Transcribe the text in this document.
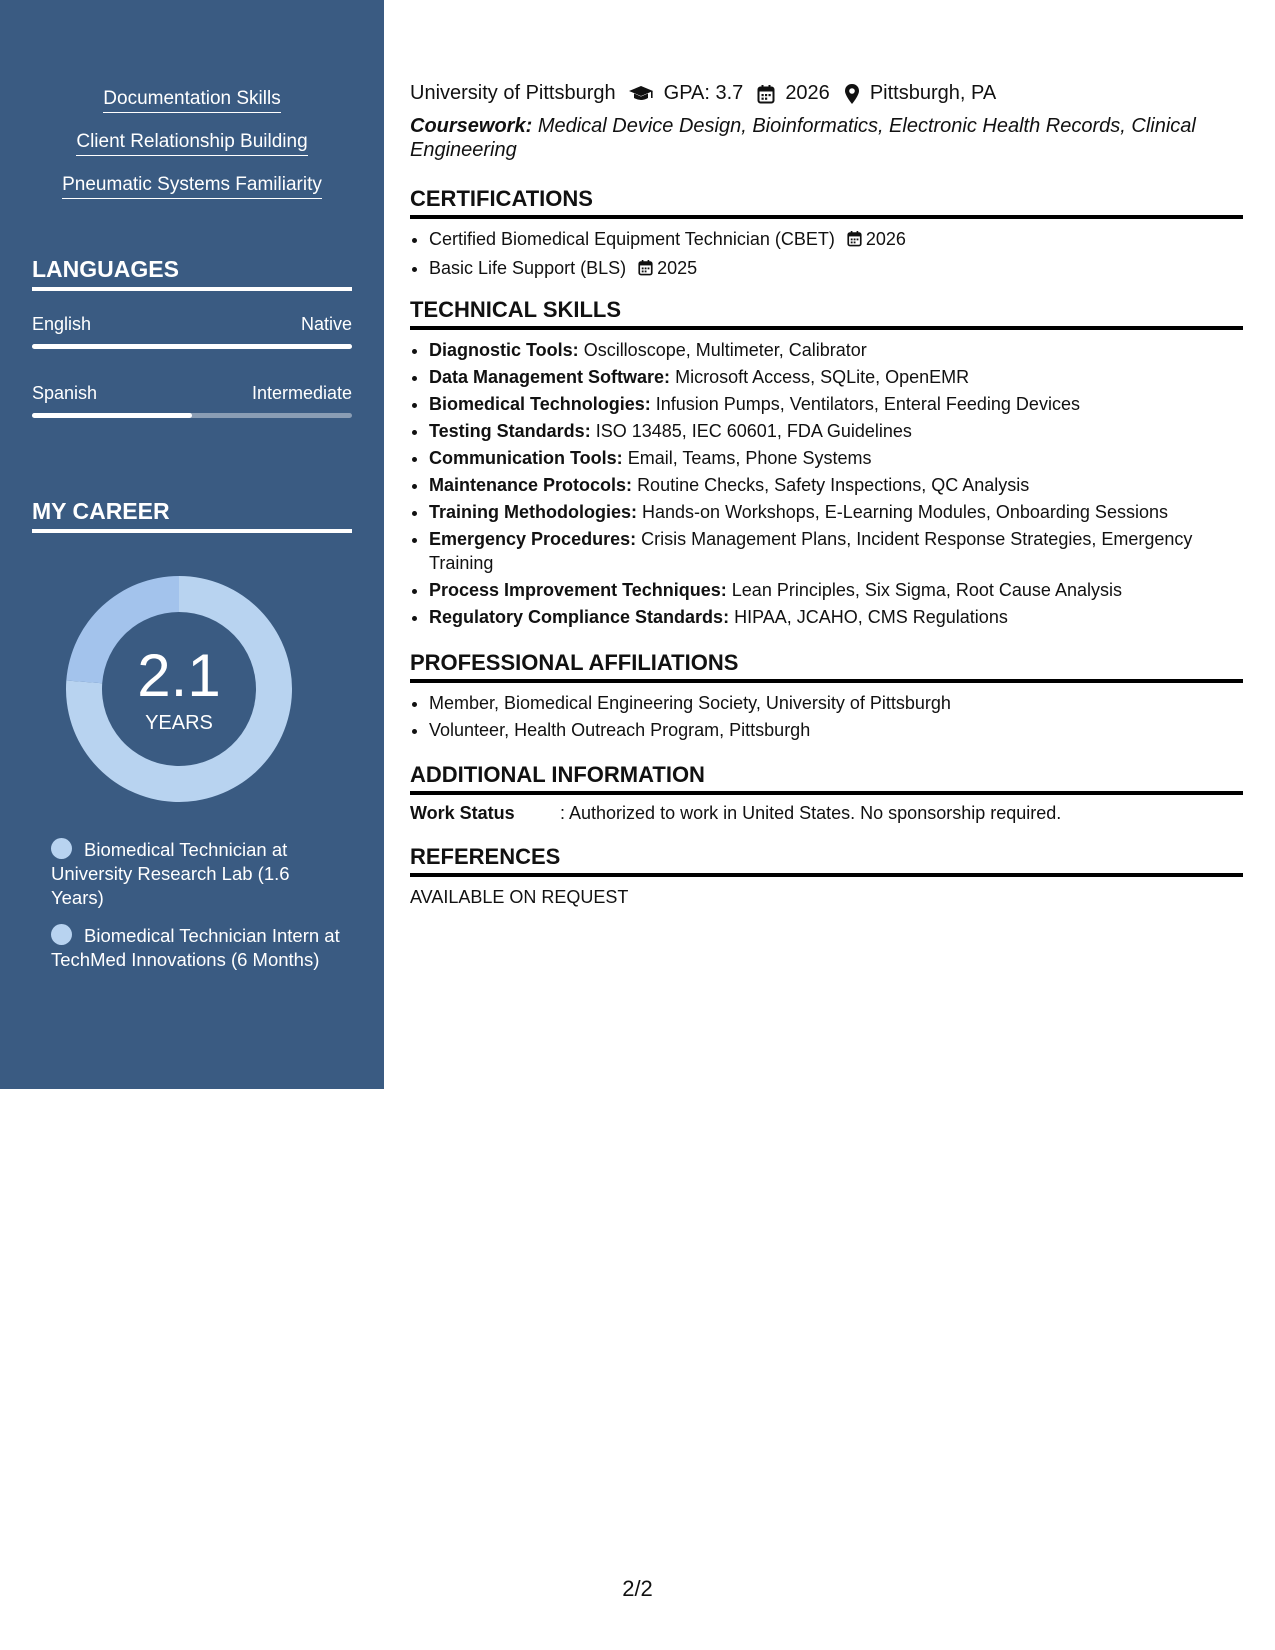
Documentation Skills
Client Relationship Building
Pneumatic Systems Familiarity
LANGUAGES
English	Native
Spanish	Intermediate
MY CAREER
2.1
YEARS
Biomedical Technician at University Research Lab (1.6 Years)
Biomedical Technician Intern at TechMed Innovations (6 Months)
University of Pittsburgh GPA: 3.7 2026 Pittsburgh, PA
Coursework: Medical Device Design, Bioinformatics, Electronic Health Records, Clinical Engineering
CERTIFICATIONS
• Certified Biomedical Equipment Technician (CBET) 2026
• Basic Life Support (BLS) 2025
TECHNICAL SKILLS
• Diagnostic Tools: Oscilloscope, Multimeter, Calibrator
• Data Management Software: Microsoft Access, SQLite, OpenEMR
• Biomedical Technologies: Infusion Pumps, Ventilators, Enteral Feeding Devices
• Testing Standards: ISO 13485, IEC 60601, FDA Guidelines
• Communication Tools: Email, Teams, Phone Systems
• Maintenance Protocols: Routine Checks, Safety Inspections, QC Analysis
• Training Methodologies: Hands-on Workshops, E-Learning Modules, Onboarding Sessions
• Emergency Procedures: Crisis Management Plans, Incident Response Strategies, Emergency Training
• Process Improvement Techniques: Lean Principles, Six Sigma, Root Cause Analysis
• Regulatory Compliance Standards: HIPAA, JCAHO, CMS Regulations
PROFESSIONAL AFFILIATIONS
• Member, Biomedical Engineering Society, University of Pittsburgh
• Volunteer, Health Outreach Program, Pittsburgh
ADDITIONAL INFORMATION
Work Status	: Authorized to work in United States. No sponsorship required.
REFERENCES
AVAILABLE ON REQUEST
2/2
